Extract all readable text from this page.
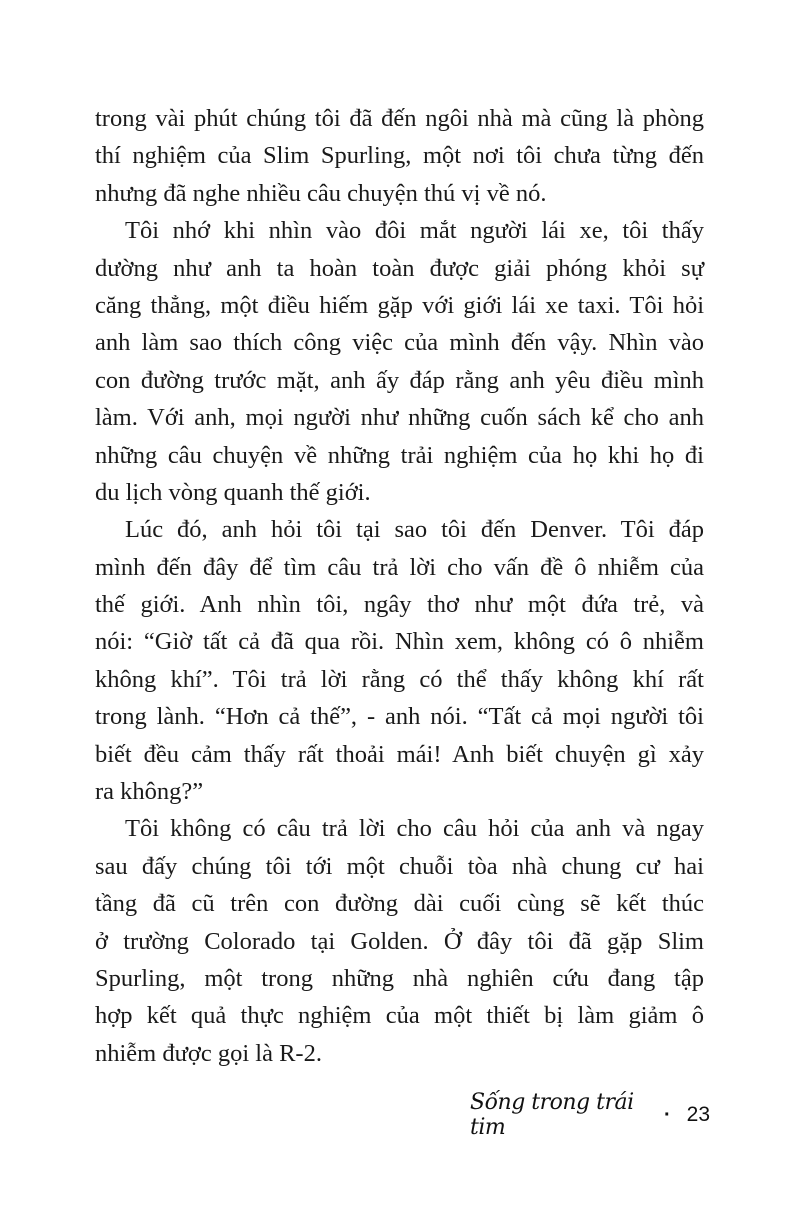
trong vài phút chúng tôi đã đến ngôi nhà mà cũng là phòng
thí nghiệm của Slim Spurling, một nơi tôi chưa từng đến
nhưng đã nghe nhiều câu chuyện thú vị về nó.
Tôi nhớ khi nhìn vào đôi mắt người lái xe, tôi thấy
dường như anh ta hoàn toàn được giải phóng khỏi sự
căng thẳng, một điều hiếm gặp với giới lái xe taxi. Tôi hỏi
anh làm sao thích công việc của mình đến vậy. Nhìn vào
con đường trước mặt, anh ấy đáp rằng anh yêu điều mình
làm. Với anh, mọi người như những cuốn sách kể cho anh
những câu chuyện về những trải nghiệm của họ khi họ đi
du lịch vòng quanh thế giới.
Lúc đó, anh hỏi tôi tại sao tôi đến Denver. Tôi đáp
mình đến đây để tìm câu trả lời cho vấn đề ô nhiễm của
thế giới. Anh nhìn tôi, ngây thơ như một đứa trẻ, và
nói: “Giờ tất cả đã qua rồi. Nhìn xem, không có ô nhiễm
không khí”. Tôi trả lời rằng có thể thấy không khí rất
trong lành. “Hơn cả thế”, - anh nói. “Tất cả mọi người tôi
biết đều cảm thấy rất thoải mái! Anh biết chuyện gì xảy
ra không?”
Tôi không có câu trả lời cho câu hỏi của anh và ngay
sau đấy chúng tôi tới một chuỗi tòa nhà chung cư hai
tầng đã cũ trên con đường dài cuối cùng sẽ kết thúc
ở trường Colorado tại Golden. Ở đây tôi đã gặp Slim
Spurling, một trong những nhà nghiên cứu đang tập
hợp kết quả thực nghiệm của một thiết bị làm giảm ô
nhiễm được gọi là R-2.
Sống trong trái tim
· 23
